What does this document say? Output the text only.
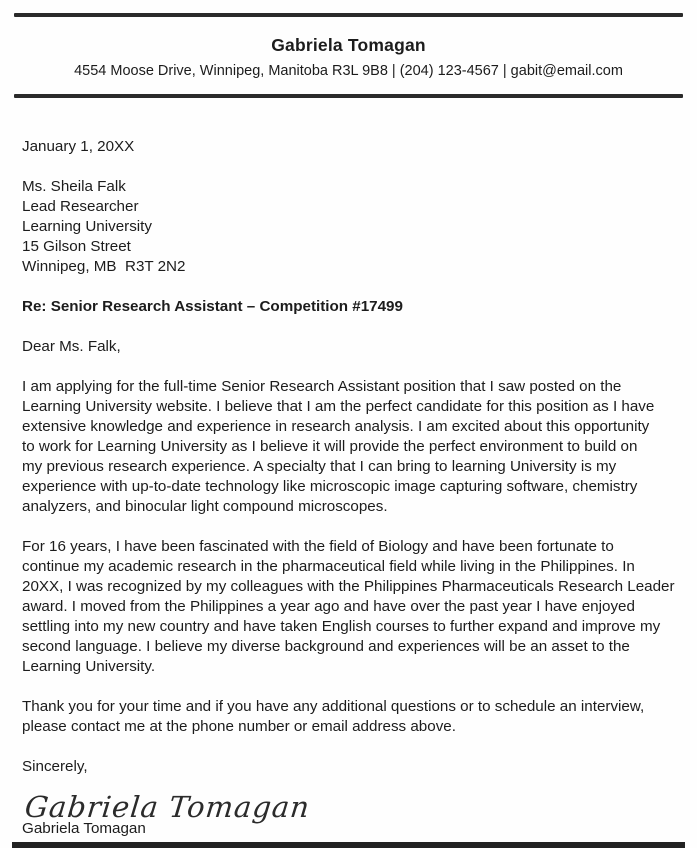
Gabriela Tomagan
4554 Moose Drive, Winnipeg, Manitoba R3L 9B8 | (204) 123-4567 | gabit@email.com
January 1, 20XX
Ms. Sheila Falk
Lead Researcher
Learning University
15 Gilson Street
Winnipeg, MB  R3T 2N2
Re: Senior Research Assistant – Competition #17499
Dear Ms. Falk,
I am applying for the full-time Senior Research Assistant position that I saw posted on the
Learning University website. I believe that I am the perfect candidate for this position as I have
extensive knowledge and experience in research analysis. I am excited about this opportunity
to work for Learning University as I believe it will provide the perfect environment to build on
my previous research experience. A specialty that I can bring to learning University is my
experience with up-to-date technology like microscopic image capturing software, chemistry
analyzers, and binocular light compound microscopes.
For 16 years, I have been fascinated with the field of Biology and have been fortunate to
continue my academic research in the pharmaceutical field while living in the Philippines. In
20XX, I was recognized by my colleagues with the Philippines Pharmaceuticals Research Leader
award. I moved from the Philippines a year ago and have over the past year I have enjoyed
settling into my new country and have taken English courses to further expand and improve my
second language. I believe my diverse background and experiences will be an asset to the
Learning University.
Thank you for your time and if you have any additional questions or to schedule an interview,
please contact me at the phone number or email address above.
Sincerely,
Gabriela Tomagan
Gabriela Tomagan
